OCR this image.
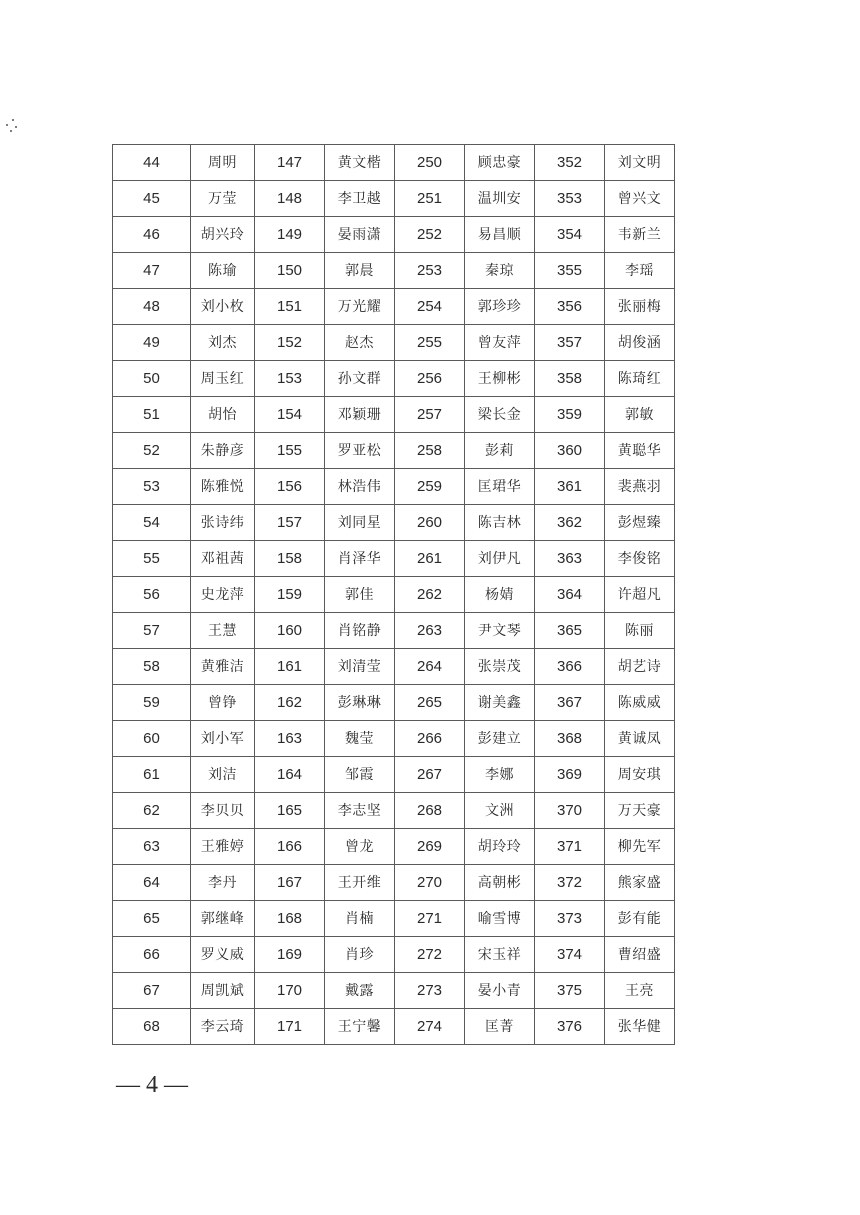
44	周明	147	黄文楷	250	顾忠豪	352	刘文明
45	万莹	148	李卫越	251	温圳安	353	曾兴文
46	胡兴玲	149	晏雨潇	252	易昌顺	354	韦新兰
47	陈瑜	150	郭晨	253	秦琼	355	李瑶
48	刘小枚	151	万光耀	254	郭珍珍	356	张丽梅
49	刘杰	152	赵杰	255	曾友萍	357	胡俊涵
50	周玉红	153	孙文群	256	王柳彬	358	陈琦红
51	胡怡	154	邓颖珊	257	梁长金	359	郭敏
52	朱静彦	155	罗亚松	258	彭莉	360	黄聪华
53	陈雅悦	156	林浩伟	259	匡珺华	361	裴燕羽
54	张诗纬	157	刘同星	260	陈吉林	362	彭煜臻
55	邓祖茜	158	肖泽华	261	刘伊凡	363	李俊铭
56	史龙萍	159	郭佳	262	杨婧	364	许超凡
57	王慧	160	肖铭静	263	尹文琴	365	陈丽
58	黄雅洁	161	刘清莹	264	张崇茂	366	胡艺诗
59	曾铮	162	彭琳琳	265	谢美鑫	367	陈威威
60	刘小军	163	魏莹	266	彭建立	368	黄诚凤
61	刘洁	164	邹霞	267	李娜	369	周安琪
62	李贝贝	165	李志坚	268	文洲	370	万天豪
63	王雅婷	166	曾龙	269	胡玲玲	371	柳先军
64	李丹	167	王开维	270	高朝彬	372	熊家盛
65	郭继峰	168	肖楠	271	喻雪博	373	彭有能
66	罗义威	169	肖珍	272	宋玉祥	374	曹绍盛
67	周凯斌	170	戴露	273	晏小青	375	王亮
68	李云琦	171	王宁馨	274	匡菁	376	张华健
— 4 —
